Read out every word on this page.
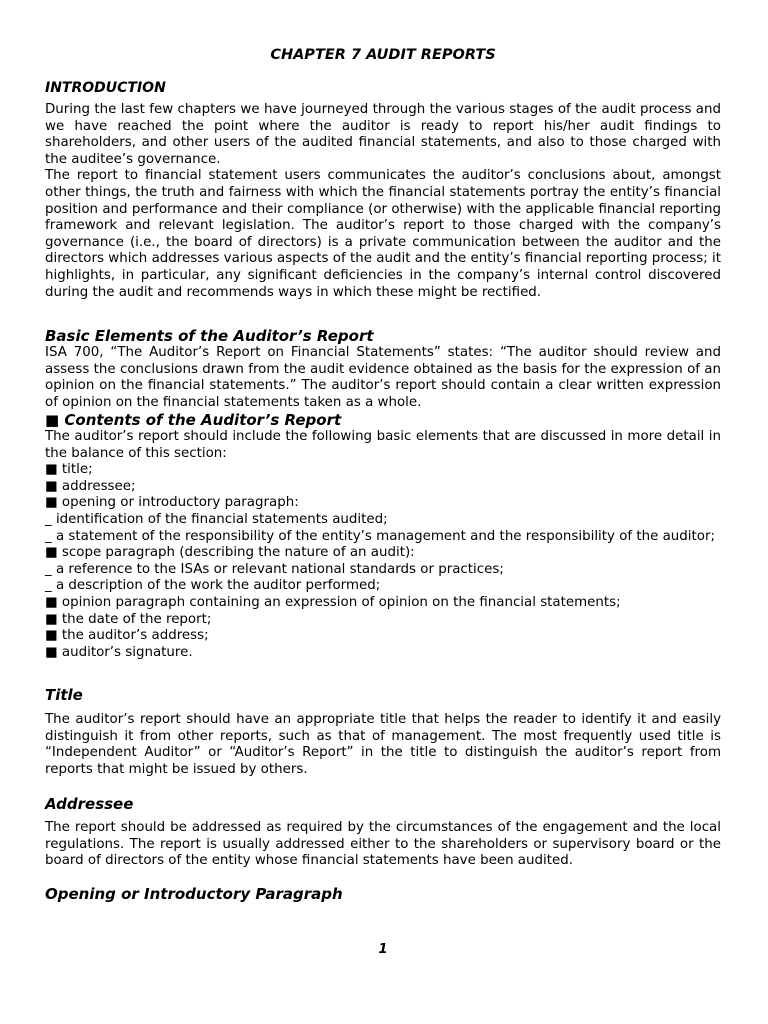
CHAPTER 7 AUDIT REPORTS
INTRODUCTION

During the last few chapters we have journeyed through the various stages of the audit process and we have reached the point where the auditor is ready to report his/her audit findings to shareholders, and other users of the audited financial statements, and also to those charged with the auditee’s governance.

The report to financial statement users communicates the auditor’s conclusions about, amongst other things, the truth and fairness with which the financial statements portray the entity’s financial position and performance and their compliance (or otherwise) with the applicable financial reporting framework and relevant legislation. The auditor’s report to those charged with the company’s governance (i.e., the board of directors) is a private communication between the auditor and the directors which addresses various aspects of the audit and the entity’s financial reporting process; it highlights, in particular, any significant deficiencies in the company’s internal control discovered during the audit and recommends ways in which these might be rectified.

Basic Elements of the Auditor’s Report

ISA 700, “The Auditor’s Report on Financial Statements” states: “The auditor should review and assess the conclusions drawn from the audit evidence obtained as the basis for the expression of an opinion on the financial statements.” The auditor’s report should contain a clear written expression of opinion on the financial statements taken as a whole.

■ Contents of the Auditor’s Report

The auditor’s report should include the following basic elements that are discussed in more detail in the balance of this section:

■ title;

■ addressee;

■ opening or introductory paragraph:

_ identification of the financial statements audited;

_ a statement of the responsibility of the entity’s management and the responsibility of the auditor;

■ scope paragraph (describing the nature of an audit):

_ a reference to the ISAs or relevant national standards or practices;

_ a description of the work the auditor performed;

■ opinion paragraph containing an expression of opinion on the financial statements;

■ the date of the report;

■ the auditor’s address;

■ auditor’s signature.

Title

The auditor’s report should have an appropriate title that helps the reader to identify it and easily distinguish it from other reports, such as that of management. The most frequently used title is “Independent Auditor” or “Auditor’s Report” in the title to distinguish the auditor’s report from reports that might be issued by others.

Addressee

The report should be addressed as required by the circumstances of the engagement and the local regulations. The report is usually addressed either to the shareholders or supervisory board or the board of directors of the entity whose financial statements have been audited.

Opening or Introductory Paragraph
1
